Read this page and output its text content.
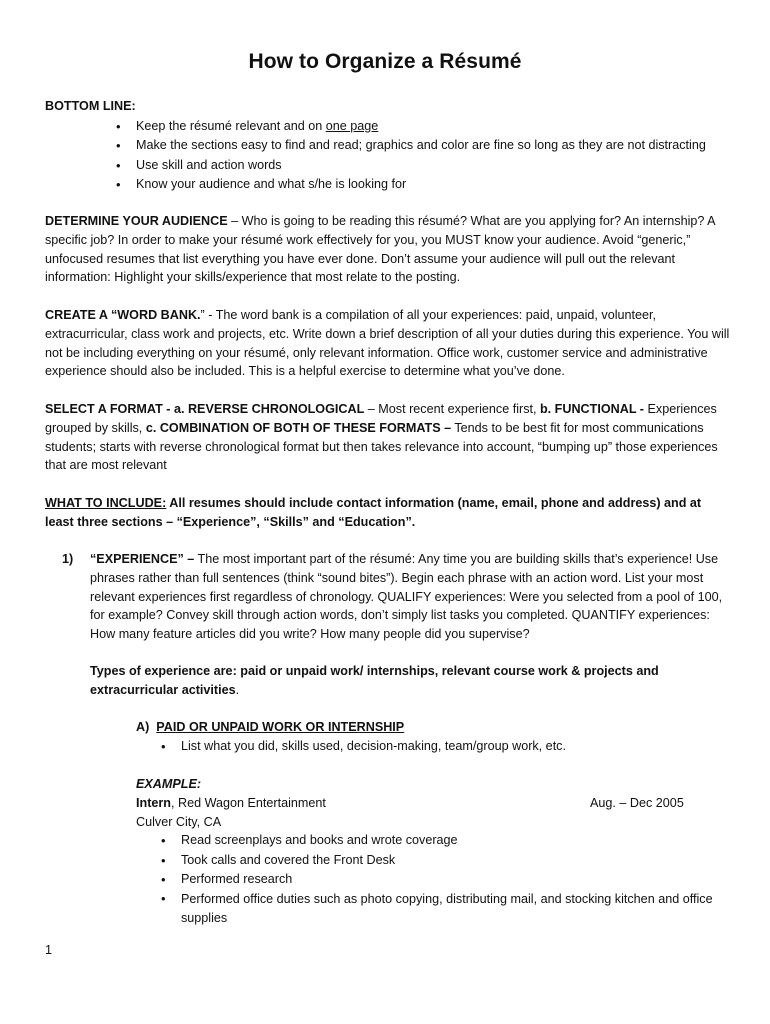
How to Organize a Résumé
BOTTOM LINE:
• Keep the résumé relevant and on one page
• Make the sections easy to find and read; graphics and color are fine so long as they are not distracting
• Use skill and action words
• Know your audience and what s/he is looking for
DETERMINE YOUR AUDIENCE – Who is going to be reading this résumé? What are you applying for? An internship? A specific job? In order to make your résumé work effectively for you, you MUST know your audience. Avoid “generic,” unfocused resumes that list everything you have ever done. Don’t assume your audience will pull out the relevant information: Highlight your skills/experience that most relate to the posting.
CREATE A “WORD BANK.” - The word bank is a compilation of all your experiences: paid, unpaid, volunteer, extracurricular, class work and projects, etc. Write down a brief description of all your duties during this experience. You will not be including everything on your résumé, only relevant information. Office work, customer service and administrative experience should also be included. This is a helpful exercise to determine what you’ve done.
SELECT A FORMAT - a. REVERSE CHRONOLOGICAL – Most recent experience first, b. FUNCTIONAL - Experiences grouped by skills, c. COMBINATION OF BOTH OF THESE FORMATS – Tends to be best fit for most communications students; starts with reverse chronological format but then takes relevance into account, “bumping up” those experiences that are most relevant
WHAT TO INCLUDE: All resumes should include contact information (name, email, phone and address) and at least three sections – “Experience”, “Skills” and “Education”.
1) “EXPERIENCE” – The most important part of the résumé: Any time you are building skills that’s experience! Use phrases rather than full sentences (think “sound bites”). Begin each phrase with an action word. List your most relevant experiences first regardless of chronology. QUALIFY experiences: Were you selected from a pool of 100, for example? Convey skill through action words, don’t simply list tasks you completed. QUANTIFY experiences: How many feature articles did you write? How many people did you supervise?
Types of experience are: paid or unpaid work/ internships, relevant course work & projects and extracurricular activities.
A) PAID OR UNPAID WORK OR INTERNSHIP
• List what you did, skills used, decision-making, team/group work, etc.
EXAMPLE:
Intern, Red Wagon Entertainment	Aug. – Dec 2005
Culver City, CA
• Read screenplays and books and wrote coverage
• Took calls and covered the Front Desk
• Performed research
• Performed office duties such as photo copying, distributing mail, and stocking kitchen and office supplies
1
